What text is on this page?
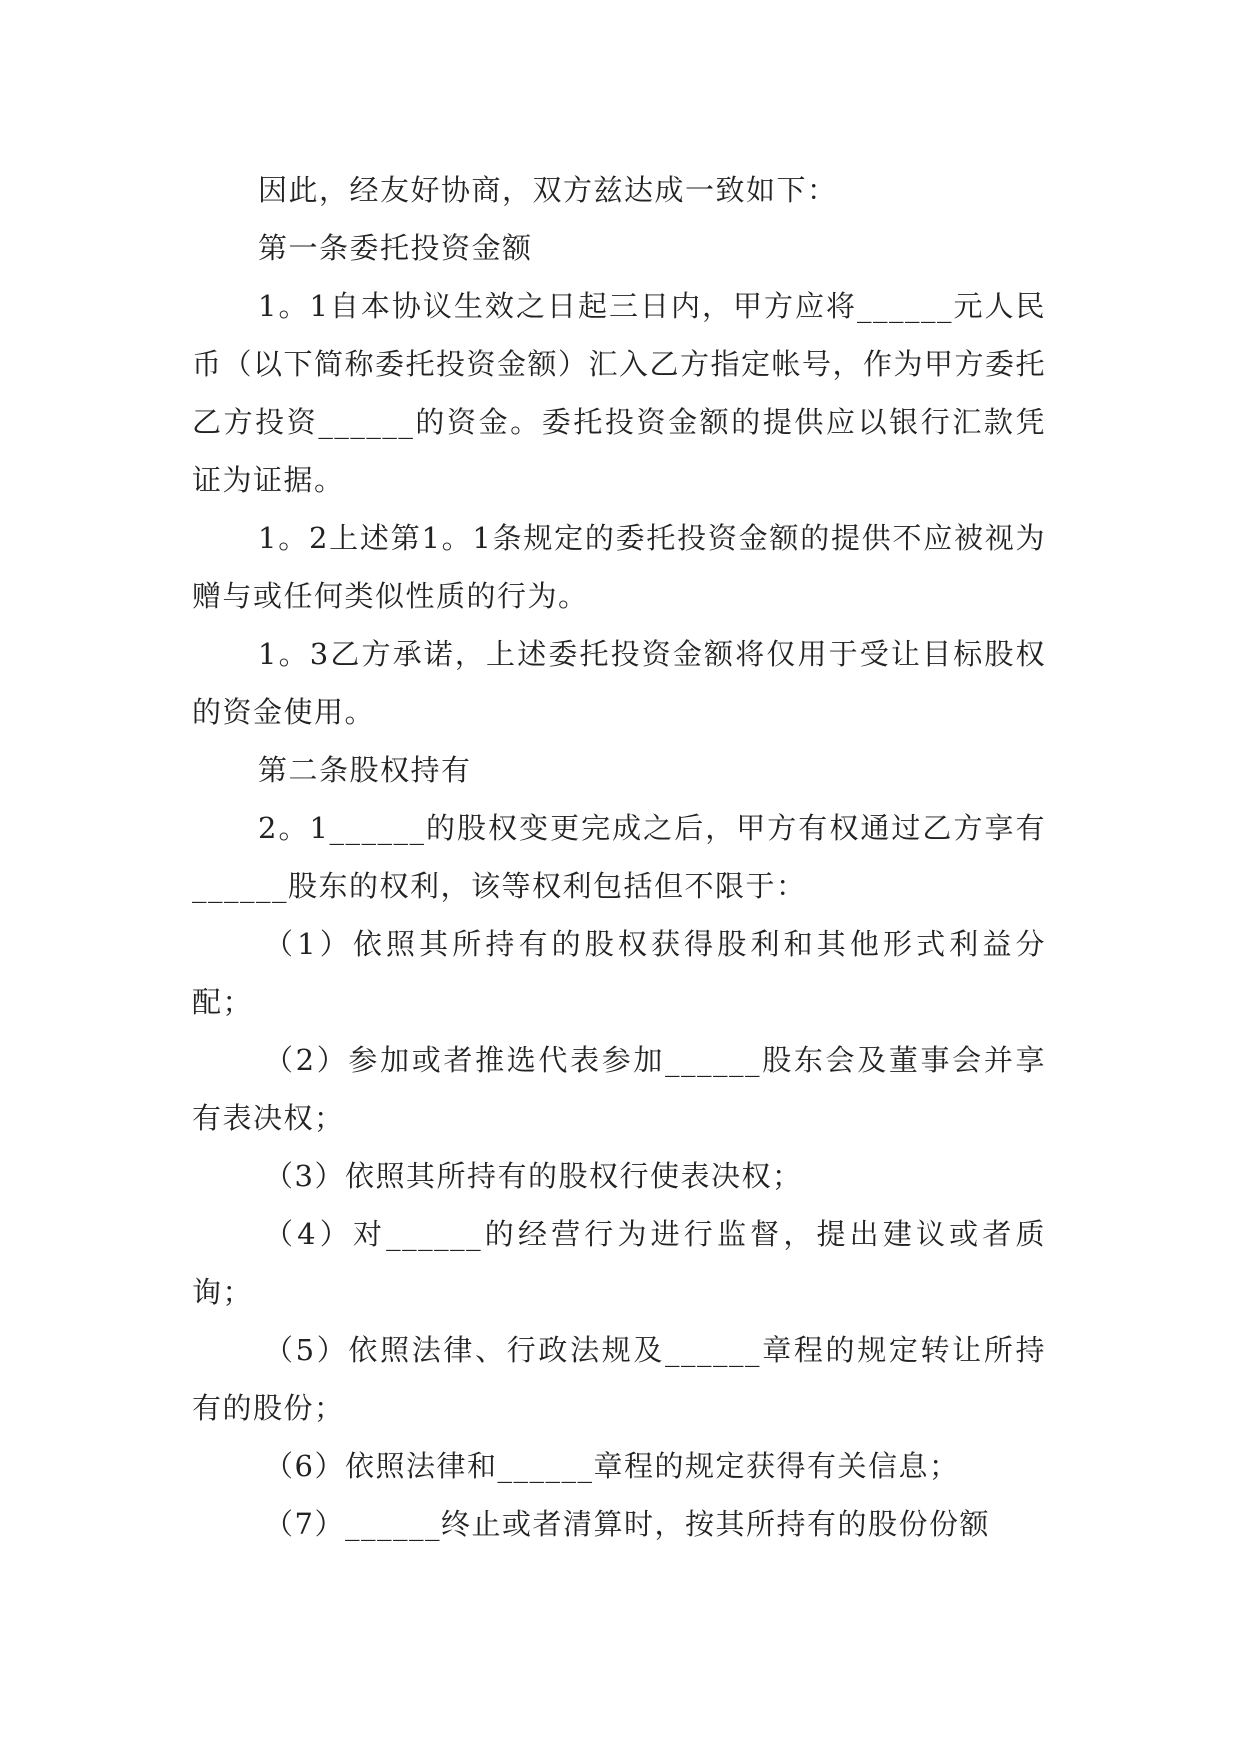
因此，经友好协商，双方兹达成一致如下：

第一条委托投资金额

1。1自本协议生效之日起三日内，甲方应将______元人民币（以下简称委托投资金额）汇入乙方指定帐号，作为甲方委托乙方投资______的资金。委托投资金额的提供应以银行汇款凭证为证据。

1。2上述第1。1条规定的委托投资金额的提供不应被视为赠与或任何类似性质的行为。

1。3乙方承诺，上述委托投资金额将仅用于受让目标股权的资金使用。

第二条股权持有

2。1______的股权变更完成之后，甲方有权通过乙方享有______股东的权利，该等权利包括但不限于：

（1）依照其所持有的股权获得股利和其他形式利益分配；

（2）参加或者推选代表参加______股东会及董事会并享有表决权；

（3）依照其所持有的股权行使表决权；

（4）对______的经营行为进行监督，提出建议或者质询；

（5）依照法律、行政法规及______章程的规定转让所持有的股份；

（6）依照法律和______章程的规定获得有关信息；

（7）______终止或者清算时，按其所持有的股份份额
